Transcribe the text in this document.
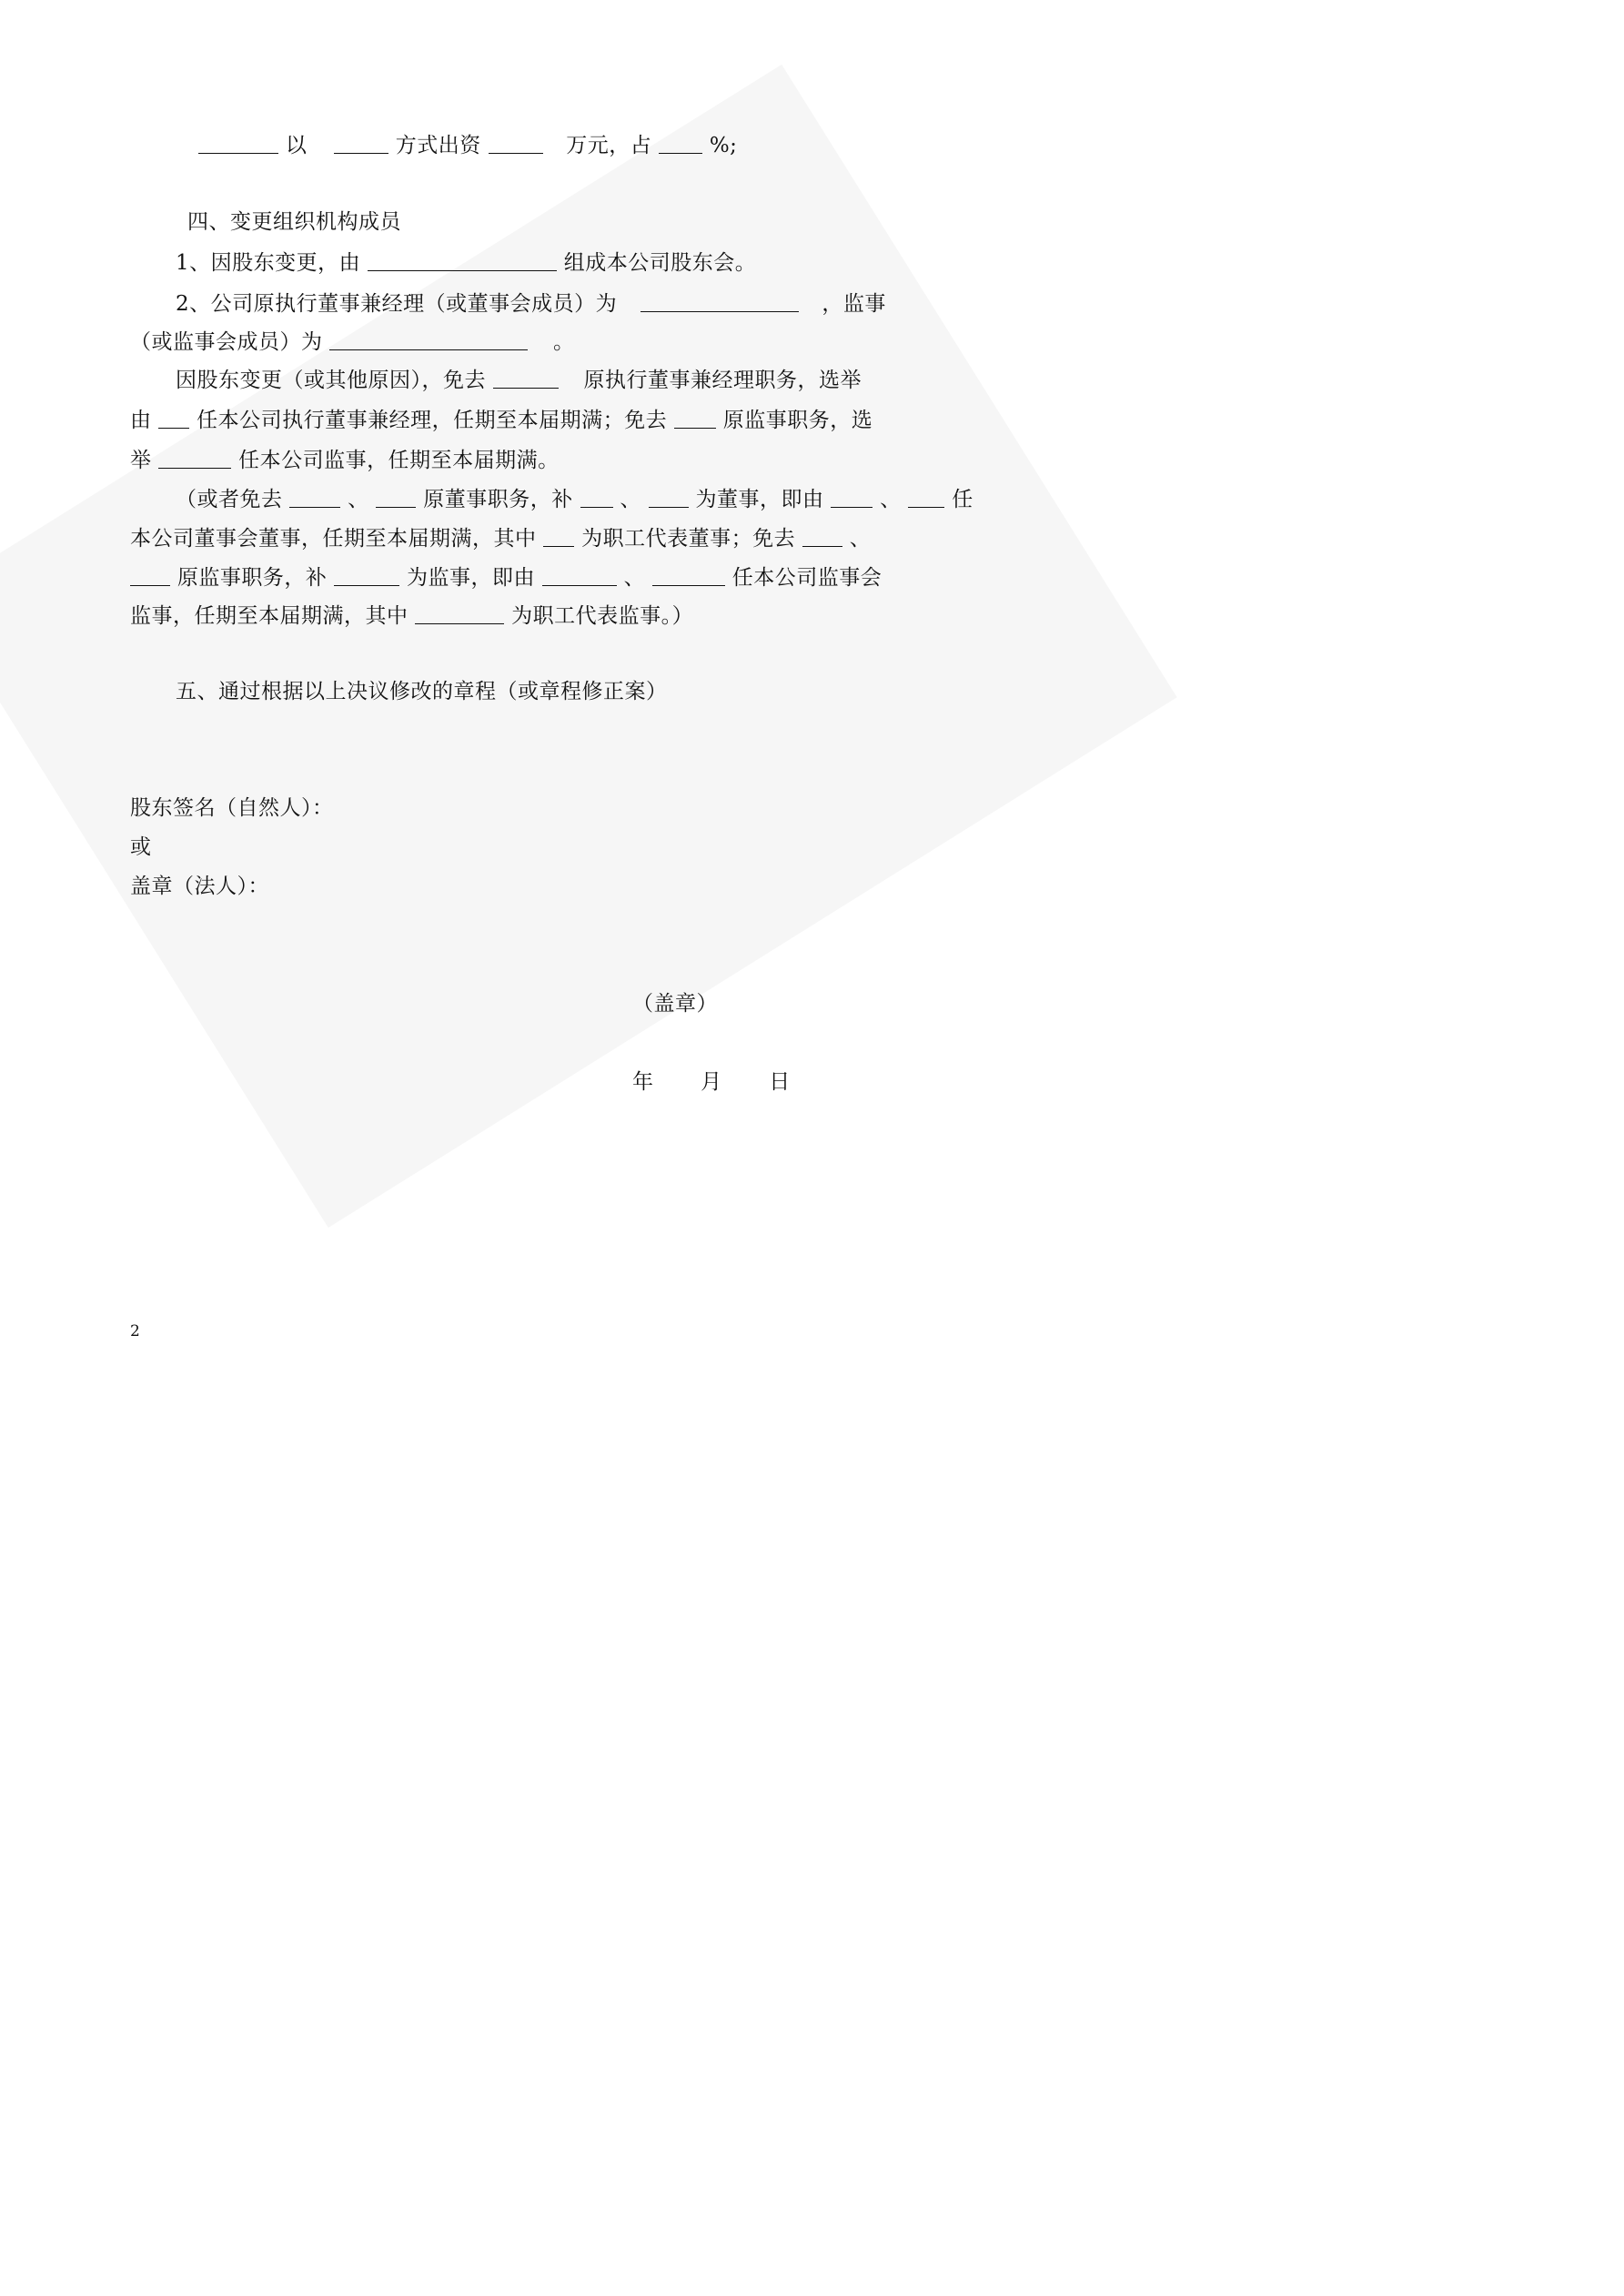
以	方式出资	万元，占	%;
四、变更组织机构成员
1、因股东变更，由	组成本公司股东会。
2、公司原执行董事兼经理（或董事会成员）为	，监事
（或监事会成员）为	。
因股东变更（或其他原因），免去	原执行董事兼经理职务，选举
由 任本公司执行董事兼经理，任期至本届期满；免去	原监事职务，选
举	任本公司监事，任期至本届期满。
（或者免去	、	原董事职务，补 、	为董事，即由	、 任
本公司董事会董事，任期至本届期满，其中 为职工代表董事；免去	、
原监事职务，补	为监事，即由	、	任本公司监事会
监事，任期至本届期满，其中	为职工代表监事。）
五、通过根据以上决议修改的章程（或章程修正案）
股东签名（自然人）：
或
盖章（法人）：
（盖章）
年 月 日
2
